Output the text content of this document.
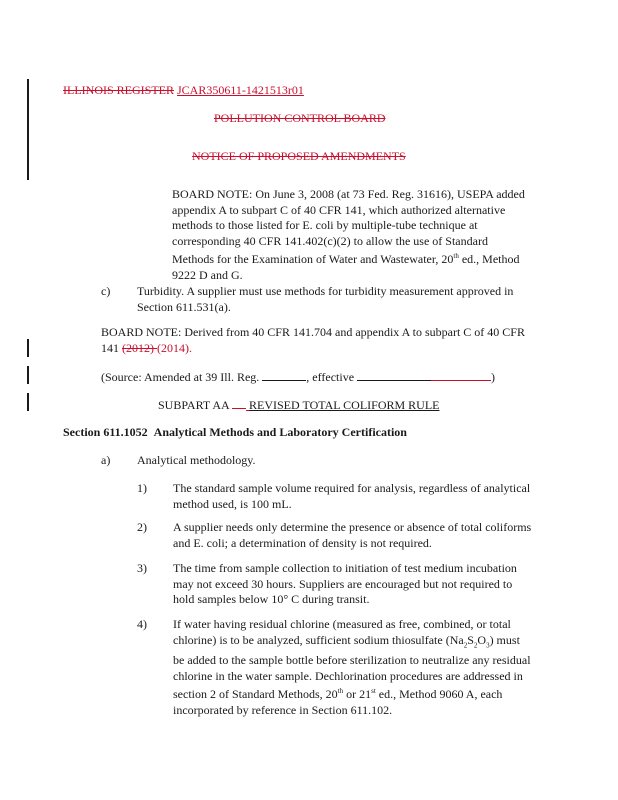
ILLINOIS REGISTER JCAR350611-1421513r01
POLLUTION CONTROL BOARD
NOTICE OF PROPOSED AMENDMENTS

BOARD NOTE: On June 3, 2008 (at 73 Fed. Reg. 31616), USEPA added

appendix A to subpart C of 40 CFR 141, which authorized alternative

methods to those listed for E. coli by multiple-tube technique at

corresponding 40 CFR 141.402(c)(2) to allow the use of Standard

Methods for the Examination of Water and Wastewater, 20th ed., Method

9222 D and G.

c) Turbidity. A supplier must use methods for turbidity measurement approved in

Section 611.531(a).

BOARD NOTE: Derived from 40 CFR 141.704 and appendix A to subpart C of 40 CFR

141 (2012) (2014).

(Source: Amended at 39 Ill. Reg.	, effective	)
SUBPART AA REVISED TOTAL COLIFORM RULE
Section 611.1052 Analytical Methods and Laboratory Certification
a) Analytical methodology.
1) The standard sample volume required for analysis, regardless of analytical

method used, is 100 mL.

2) A supplier needs only determine the presence or absence of total coliforms

and E. coli; a determination of density is not required.

3) The time from sample collection to initiation of test medium incubation

may not exceed 30 hours. Suppliers are encouraged but not required to

hold samples below 10° C during transit.

4) If water having residual chlorine (measured as free, combined, or total

chlorine) is to be analyzed, sufficient sodium thiosulfate $(Na_2S_2O_3)$ must

be added to the sample bottle before sterilization to neutralize any residual

chlorine in the water sample. Dechlorination procedures are addressed in

section 2 of Standard Methods, 20th or 21st ed., Method 9060 A, each

incorporated by reference in Section 611.102.
